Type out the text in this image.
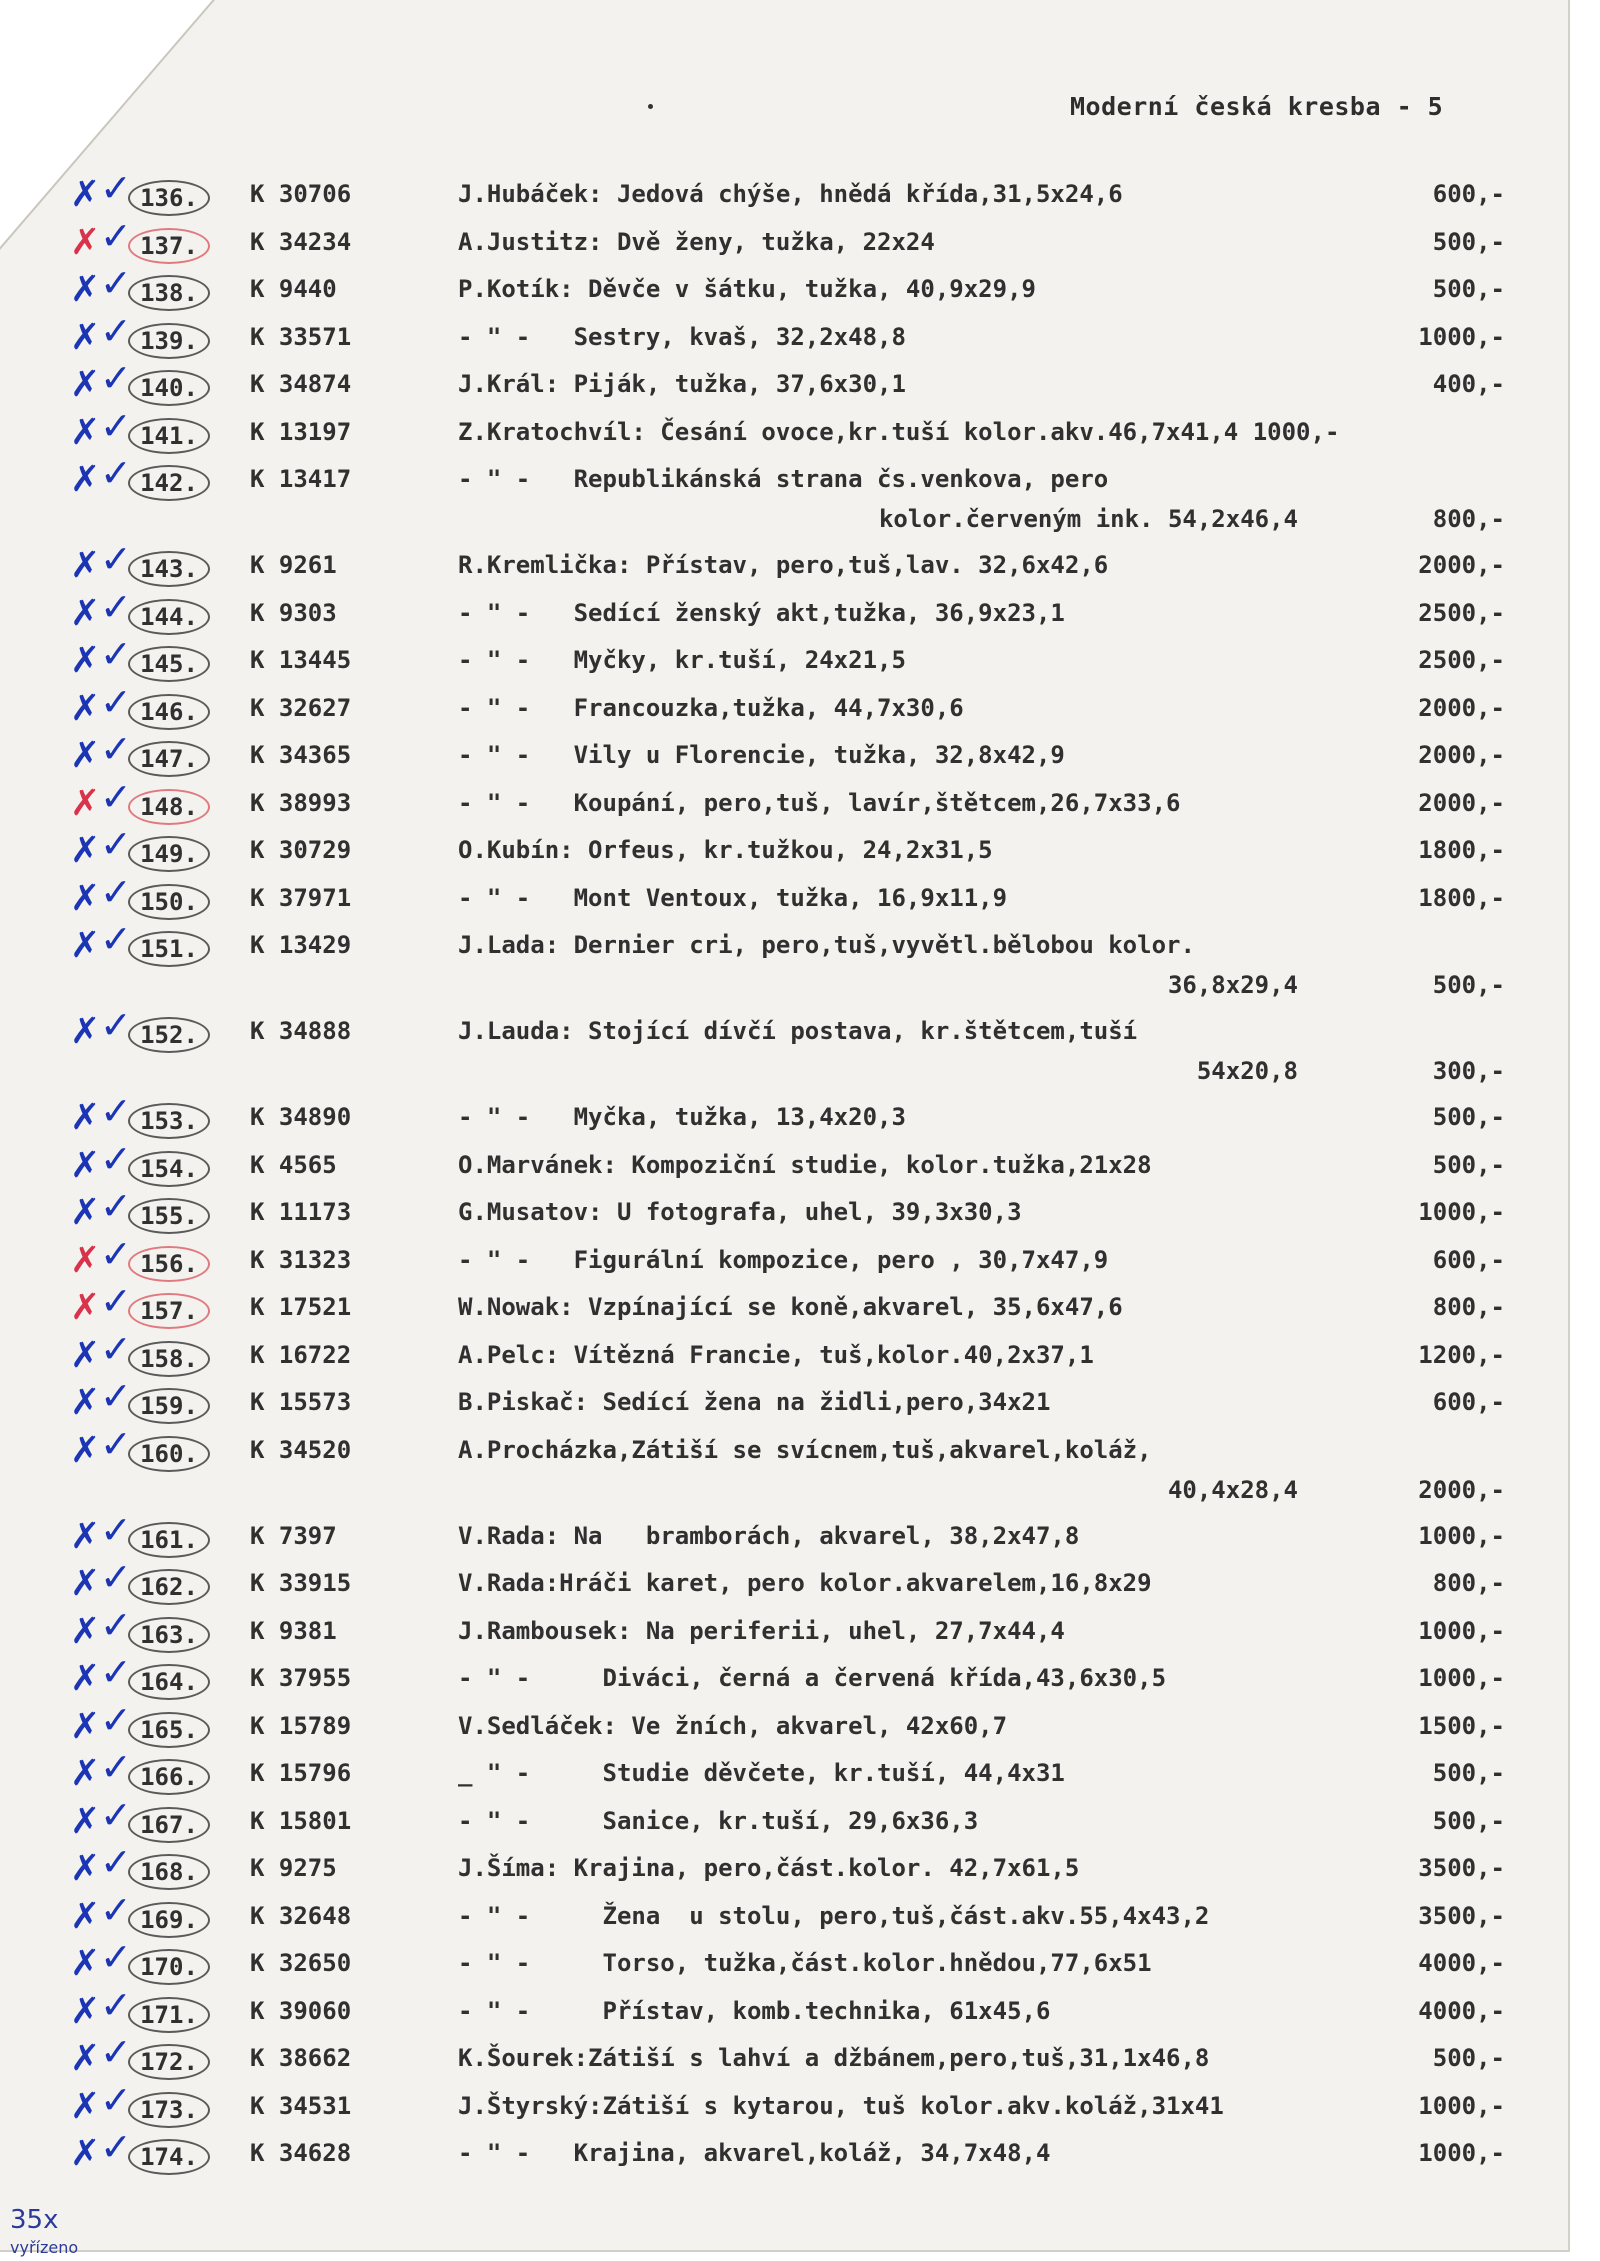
Moderní česká kresba - 5
✗ ✓ 136.	K 30706	J.Hubáček: Jedová chýše, hnědá křída,31,5x24,6	600,-
✗ ✓ 137.	K 34234	A.Justitz: Dvě ženy, tužka, 22x24	500,-
✗ ✓ 138.	K 9440	P.Kotík: Děvče v šátku, tužka, 40,9x29,9	500,-
✗ ✓ 139.	K 33571	- " -   Sestry, kvaš, 32,2x48,8	1000,-
✗ ✓ 140.	K 34874	J.Král: Piják, tužka, 37,6x30,1	400,-
✗ ✓ 141.	K 13197	Z.Kratochvíl: Česání ovoce,kr.tuší kolor.akv.46,7x41,4 1000,-
✗ ✓ 142.	K 13417	- " -   Republikánská strana čs.venkova, pero
kolor.červeným ink. 54,2x46,4	800,-
✗ ✓ 143.	K 9261	R.Kremlička: Přístav, pero,tuš,lav. 32,6x42,6	2000,-
✗ ✓ 144.	K 9303	- " -   Sedící ženský akt,tužka, 36,9x23,1	2500,-
✗ ✓ 145.	K 13445	- " -   Myčky, kr.tuší, 24x21,5	2500,-
✗ ✓ 146.	K 32627	- " -   Francouzka,tužka, 44,7x30,6	2000,-
✗ ✓ 147.	K 34365	- " -   Vily u Florencie, tužka, 32,8x42,9	2000,-
✗ ✓ 148.	K 38993	- " -   Koupání, pero,tuš, lavír,štětcem,26,7x33,6	2000,-
✗ ✓ 149.	K 30729	O.Kubín: Orfeus, kr.tužkou, 24,2x31,5	1800,-
✗ ✓ 150.	K 37971	- " -   Mont Ventoux, tužka, 16,9x11,9	1800,-
✗ ✓ 151.	K 13429	J.Lada: Dernier cri, pero,tuš,vyvětl.bělobou kolor.
36,8x29,4	500,-
✗ ✓ 152.	K 34888	J.Lauda: Stojící dívčí postava, kr.štětcem,tuší
54x20,8	300,-
✗ ✓ 153.	K 34890	- " -   Myčka, tužka, 13,4x20,3	500,-
✗ ✓ 154.	K 4565	O.Marvánek: Kompoziční studie, kolor.tužka,21x28	500,-
✗ ✓ 155.	K 11173	G.Musatov: U fotografa, uhel, 39,3x30,3	1000,-
✗ ✓ 156.	K 31323	- " -   Figurální kompozice, pero , 30,7x47,9	600,-
✗ ✓ 157.	K 17521	W.Nowak: Vzpínající se koně,akvarel, 35,6x47,6	800,-
✗ ✓ 158.	K 16722	A.Pelc: Vítězná Francie, tuš,kolor.40,2x37,1	1200,-
✗ ✓ 159.	K 15573	B.Piskač: Sedící žena na židli,pero,34x21	600,-
✗ ✓ 160.	K 34520	A.Procházka,Zátiší se svícnem,tuš,akvarel,koláž,
40,4x28,4	2000,-
✗ ✓ 161.	K 7397	V.Rada: Na   bramborách, akvarel, 38,2x47,8	1000,-
✗ ✓ 162.	K 33915	V.Rada:Hráči karet, pero kolor.akvarelem,16,8x29	800,-
✗ ✓ 163.	K 9381	J.Rambousek: Na periferii, uhel, 27,7x44,4	1000,-
✗ ✓ 164.	K 37955	- " -     Diváci, černá a červená křída,43,6x30,5	1000,-
✗ ✓ 165.	K 15789	V.Sedláček: Ve žních, akvarel, 42x60,7	1500,-
✗ ✓ 166.	K 15796	_ " -     Studie děvčete, kr.tuší, 44,4x31	500,-
✗ ✓ 167.	K 15801	- " -     Sanice, kr.tuší, 29,6x36,3	500,-
✗ ✓ 168.	K 9275	J.Šíma: Krajina, pero,část.kolor. 42,7x61,5	3500,-
✗ ✓ 169.	K 32648	- " -     Žena  u stolu, pero,tuš,část.akv.55,4x43,2	3500,-
✗ ✓ 170.	K 32650	- " -     Torso, tužka,část.kolor.hnědou,77,6x51	4000,-
✗ ✓ 171.	K 39060	- " -     Přístav, komb.technika, 61x45,6	4000,-
✗ ✓ 172.	K 38662	K.Šourek:Zátiší s lahví a džbánem,pero,tuš,31,1x46,8	500,-
✗ ✓ 173.	K 34531	J.Štyrský:Zátiší s kytarou, tuš kolor.akv.koláž,31x41	1000,-
✗ ✓ 174.	K 34628	- " -   Krajina, akvarel,koláž, 34,7x48,4	1000,-
35x
vyřízeno
